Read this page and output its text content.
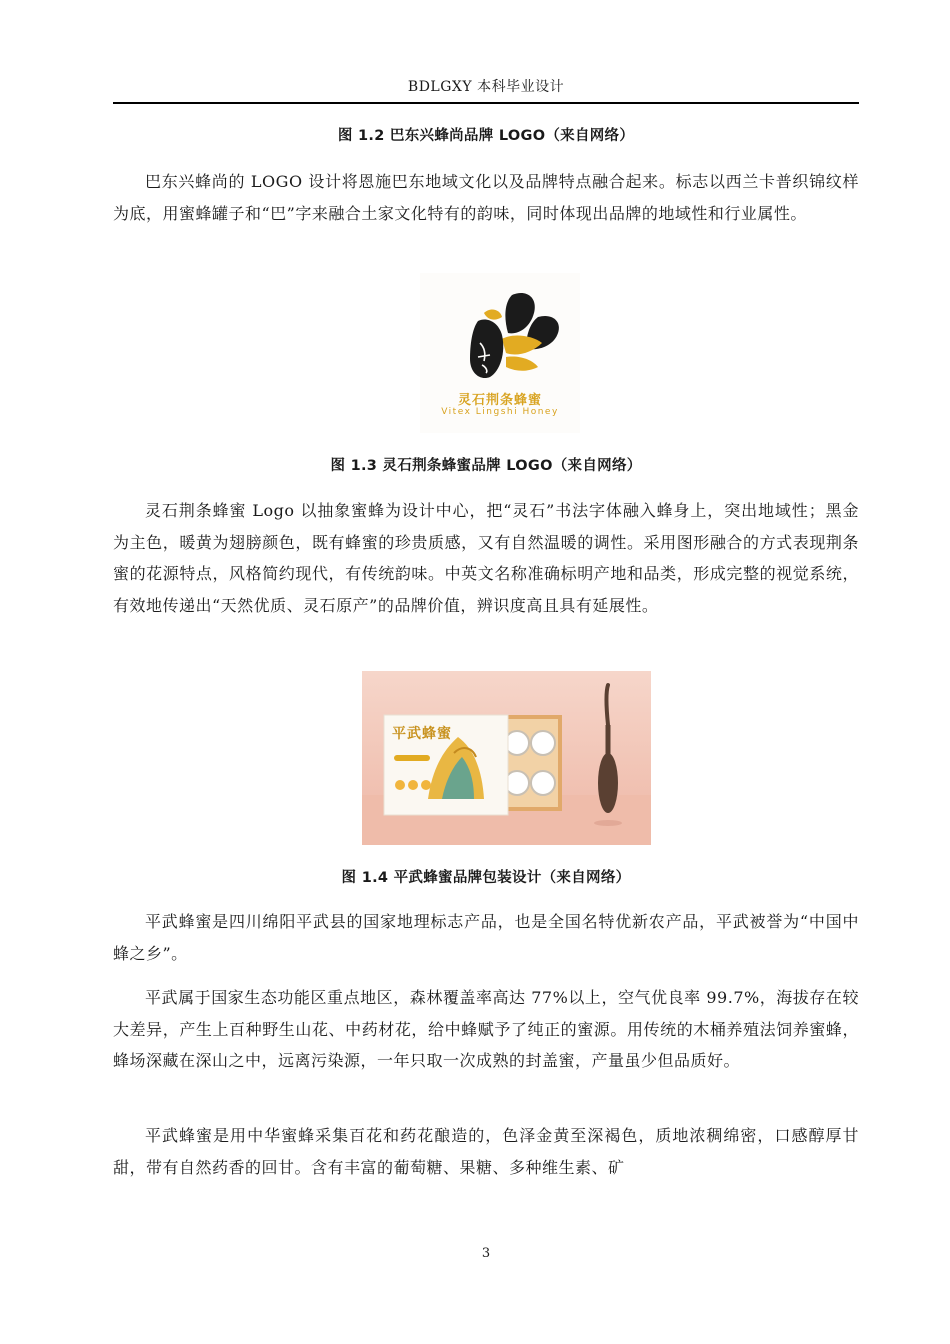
BDLGXY 本科毕业设计
图 1.2 巴东兴蜂尚品牌 LOGO（来自网络）

巴东兴蜂尚的 LOGO 设计将恩施巴东地域文化以及品牌特点融合起来。标志以西兰卡普织锦纹样为底，用蜜蜂罐子和“巴”字来融合土家文化特有的韵味，同时体现出品牌的地域性和行业属性。

灵石荆条蜂蜜
Vitex Lingshi Honey
图 1.3 灵石荆条蜂蜜品牌 LOGO（来自网络）

灵石荆条蜂蜜 Logo 以抽象蜜蜂为设计中心，把“灵石”书法字体融入蜂身上，突出地域性；黑金为主色，暖黄为翅膀颜色，既有蜂蜜的珍贵质感，又有自然温暖的调性。采用图形融合的方式表现荆条蜜的花源特点，风格简约现代，有传统韵味。中英文名称准确标明产地和品类，形成完整的视觉系统，有效地传递出“天然优质、灵石原产”的品牌价值，辨识度高且具有延展性。

平武蜂蜜
图 1.4 平武蜂蜜品牌包装设计（来自网络）

平武蜂蜜是四川绵阳平武县的国家地理标志产品，也是全国名特优新农产品，平武被誉为“中国中蜂之乡”。

平武属于国家生态功能区重点地区，森林覆盖率高达 77%以上，空气优良率 99.7%，海拔存在较大差异，产生上百种野生山花、中药材花，给中蜂赋予了纯正的蜜源。用传统的木桶养殖法饲养蜜蜂，蜂场深藏在深山之中，远离污染源，一年只取一次成熟的封盖蜜，产量虽少但品质好。

平武蜂蜜是用中华蜜蜂采集百花和药花酿造的，色泽金黄至深褐色，质地浓稠绵密，口感醇厚甘甜，带有自然药香的回甘。含有丰富的葡萄糖、果糖、多种维生素、矿

3
